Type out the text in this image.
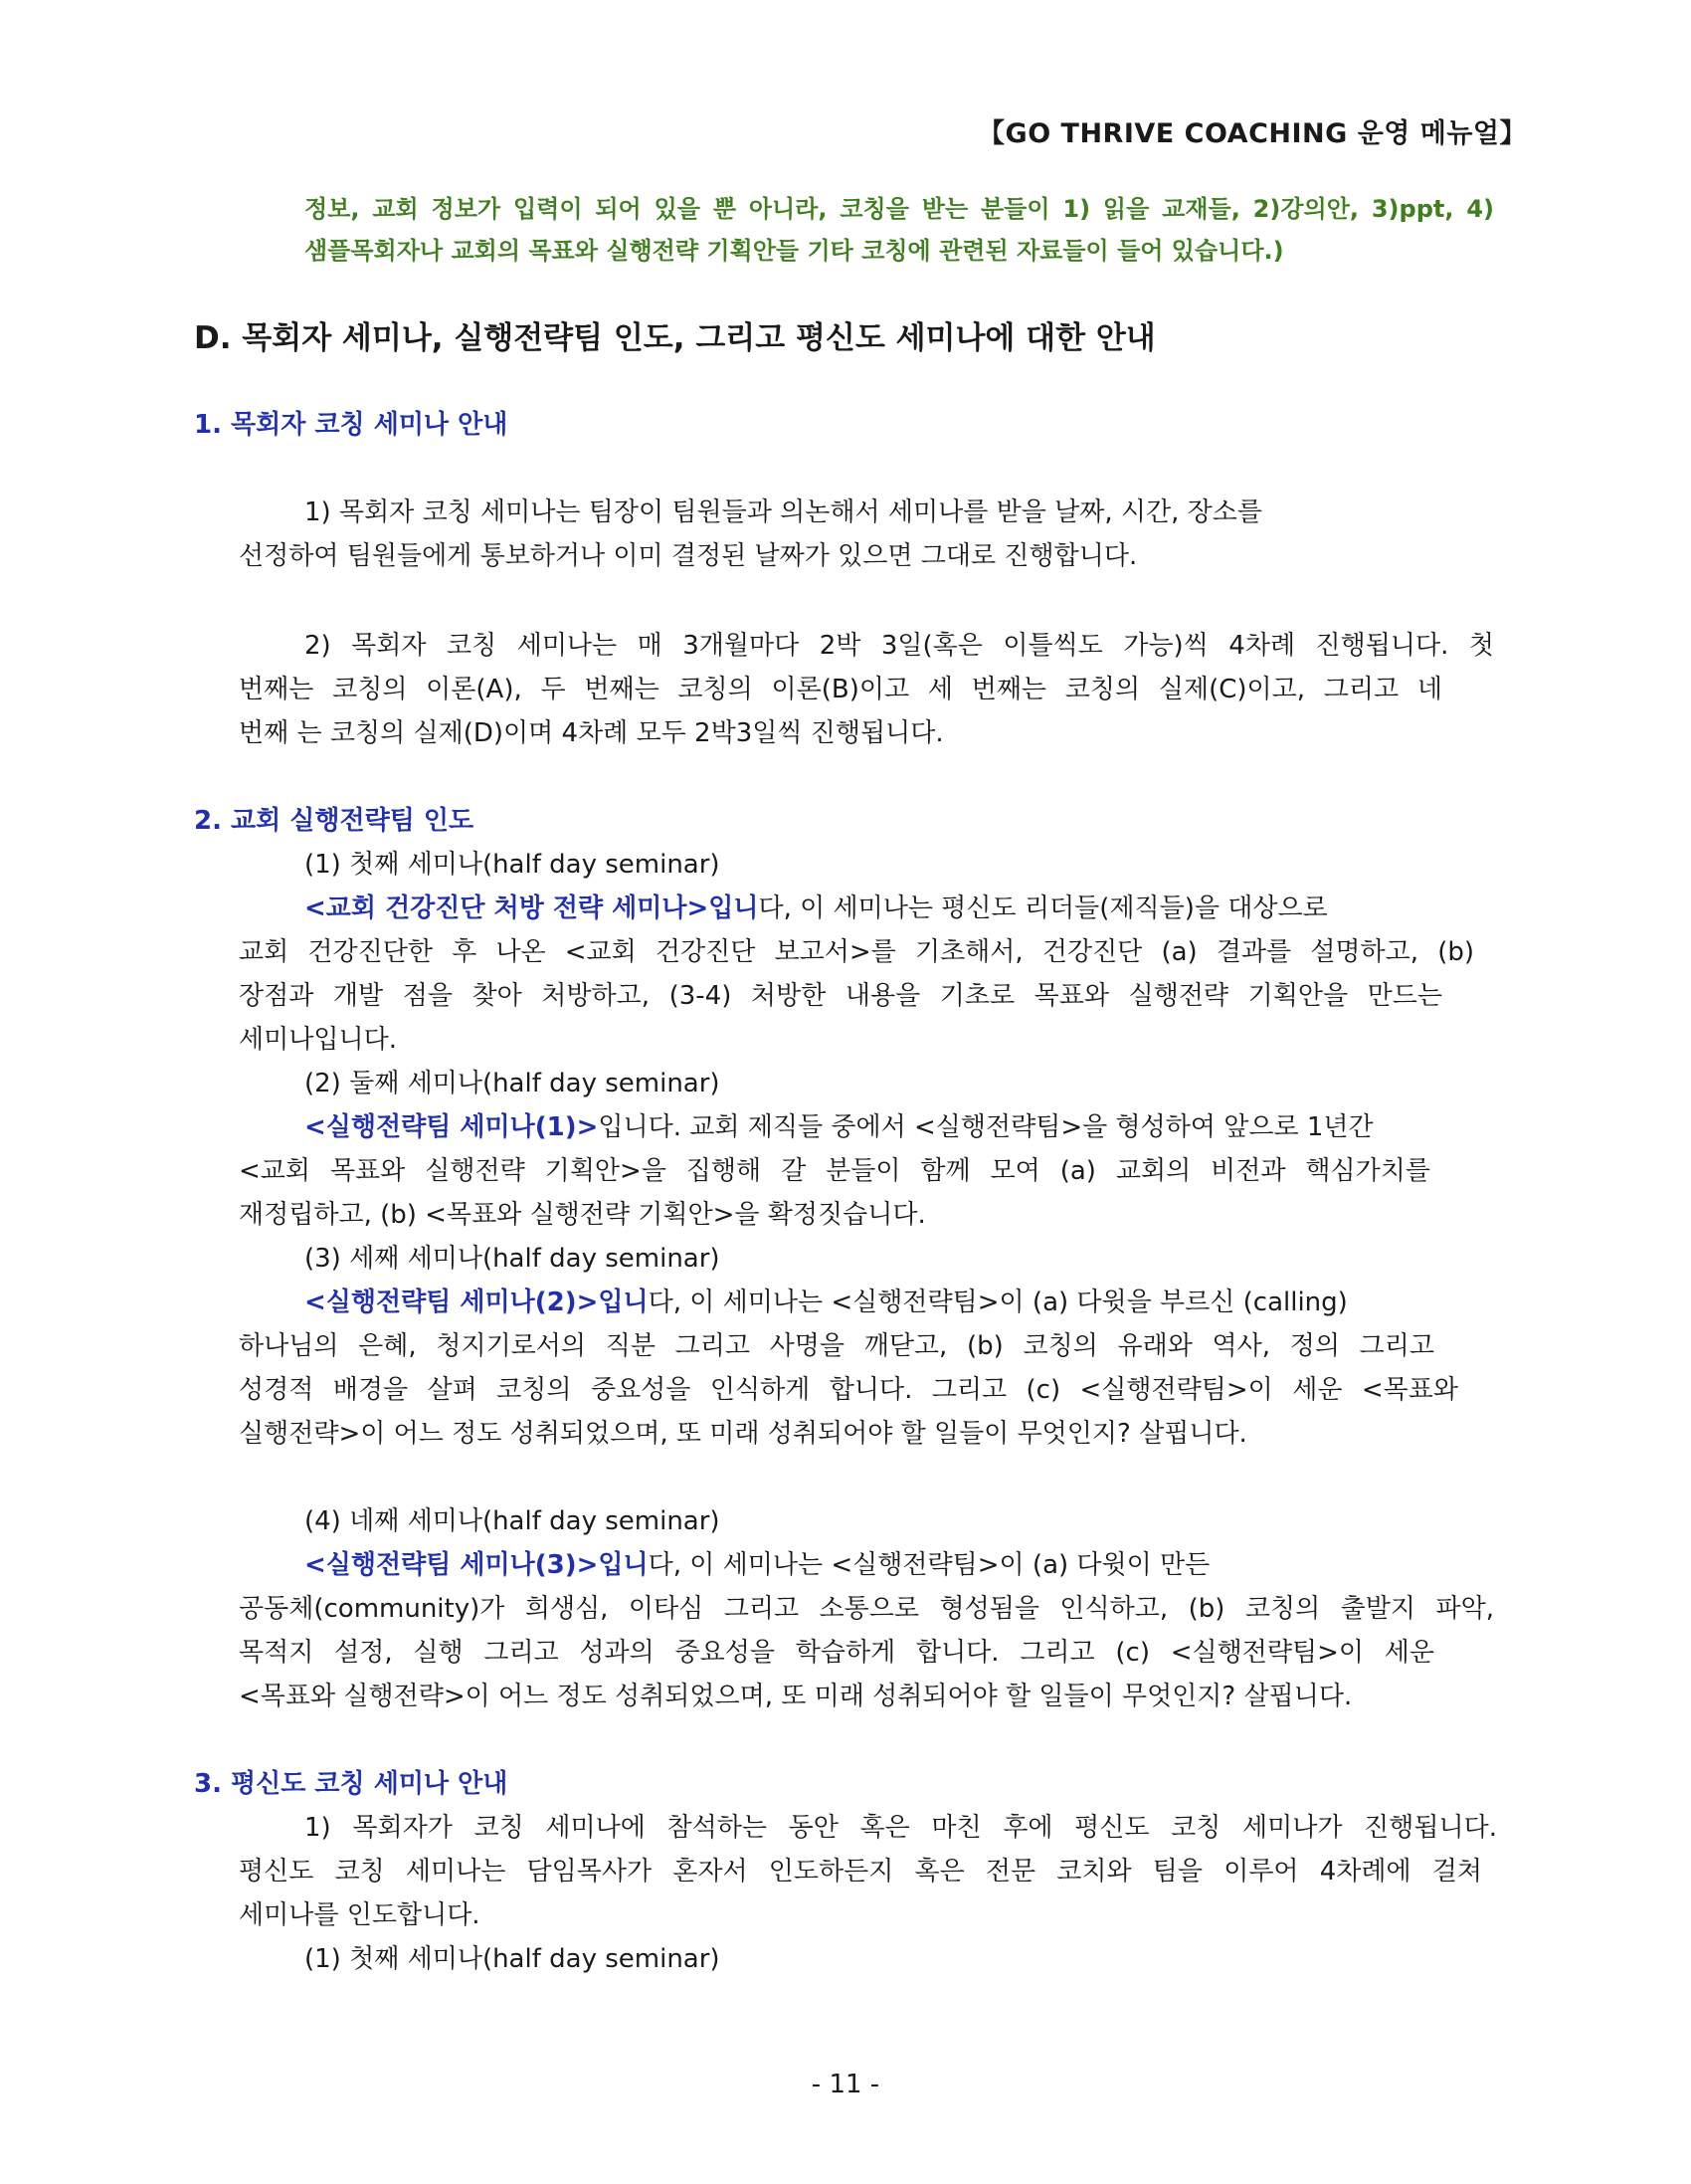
【GO THRIVE COACHING 운영 메뉴얼】
정보, 교회 정보가 입력이 되어 있을 뿐 아니라, 코칭을 받는 분들이 1) 읽을 교재들, 2)강의안, 3)ppt, 4)
샘플목회자나 교회의 목표와 실행전략 기획안들 기타 코칭에 관련된 자료들이 들어 있습니다.)
D. 목회자 세미나, 실행전략팀 인도, 그리고 평신도 세미나에 대한 안내
1. 목회자 코칭 세미나 안내
1) 목회자 코칭 세미나는 팀장이 팀원들과 의논해서 세미나를 받을 날짜, 시간, 장소를
선정하여 팀원들에게 통보하거나 이미 결정된 날짜가 있으면 그대로 진행합니다.
2) 목회자 코칭 세미나는 매 3개월마다 2박 3일(혹은 이틀씩도 가능)씩 4차례 진행됩니다. 첫
번째는 코칭의 이론(A), 두 번째는 코칭의 이론(B)이고 세 번째는 코칭의 실제(C)이고, 그리고 네
번째 는 코칭의 실제(D)이며 4차례 모두 2박3일씩 진행됩니다.
2. 교회 실행전략팀 인도
(1) 첫째 세미나(half day seminar)
<교회 건강진단 처방 전략 세미나>입니다, 이 세미나는 평신도 리더들(제직들)을 대상으로
교회 건강진단한 후 나온 <교회 건강진단 보고서>를 기초해서, 건강진단 (a) 결과를 설명하고, (b)
장점과 개발 점을 찾아 처방하고, (3-4) 처방한 내용을 기초로 목표와 실행전략 기획안을 만드는
세미나입니다.
(2) 둘째 세미나(half day seminar)
<실행전략팀 세미나(1)>입니다. 교회 제직들 중에서 <실행전략팀>을 형성하여 앞으로 1년간
<교회 목표와 실행전략 기획안>을 집행해 갈 분들이 함께 모여 (a) 교회의 비전과 핵심가치를
재정립하고, (b) <목표와 실행전략 기획안>을 확정짓습니다.
(3) 세째 세미나(half day seminar)
<실행전략팀 세미나(2)>입니다, 이 세미나는 <실행전략팀>이 (a) 다윗을 부르신 (calling)
하나님의 은혜, 청지기로서의 직분 그리고 사명을 깨닫고, (b) 코칭의 유래와 역사, 정의 그리고
성경적 배경을 살펴 코칭의 중요성을 인식하게 합니다. 그리고 (c) <실행전략팀>이 세운 <목표와
실행전략>이 어느 정도 성취되었으며, 또 미래 성취되어야 할 일들이 무엇인지? 살핍니다.
(4) 네째 세미나(half day seminar)
<실행전략팀 세미나(3)>입니다, 이 세미나는 <실행전략팀>이 (a) 다윗이 만든
공동체(community)가 희생심, 이타심 그리고 소통으로 형성됨을 인식하고, (b) 코칭의 출발지 파악,
목적지 설정, 실행 그리고 성과의 중요성을 학습하게 합니다. 그리고 (c) <실행전략팀>이 세운
<목표와 실행전략>이 어느 정도 성취되었으며, 또 미래 성취되어야 할 일들이 무엇인지? 살핍니다.
3. 평신도 코칭 세미나 안내
1) 목회자가 코칭 세미나에 참석하는 동안 혹은 마친 후에 평신도 코칭 세미나가 진행됩니다.
평신도 코칭 세미나는 담임목사가 혼자서 인도하든지 혹은 전문 코치와 팀을 이루어 4차례에 걸쳐
세미나를 인도합니다.
(1) 첫째 세미나(half day seminar)
- 11 -
